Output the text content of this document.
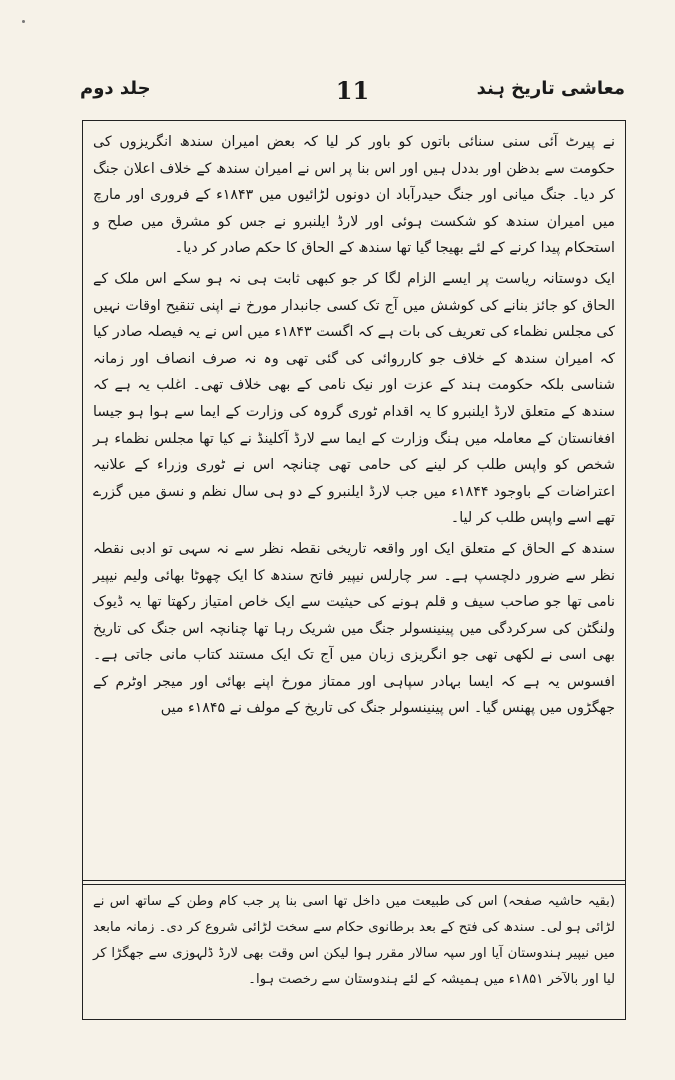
معاشی تاریخ ہند
11
جلد دوم

نے پیرٹ آئی سنی سنائی باتوں کو باور کر لیا کہ بعض امیران سندھ انگریزوں کی حکومت سے بدظن اور بددل ہیں اور اس بنا پر اس نے امیران سندھ کے خلاف اعلان جنگ کر دیا۔ جنگ میانی اور جنگ حیدرآباد ان دونوں لڑائیوں میں ۱۸۴۳ء کے فروری اور مارچ میں امیران سندھ کو شکست ہوئی اور لارڈ ایلنبرو نے جس کو مشرق میں صلح و استحکام پیدا کرنے کے لئے بھیجا گیا تھا سندھ کے الحاق کا حکم صادر کر دیا۔

ایک دوستانہ ریاست پر ایسے الزام لگا کر جو کبھی ثابت ہی نہ ہو سکے اس ملک کے الحاق کو جائز بنانے کی کوشش میں آج تک کسی جانبدار مورخ نے اپنی تنقیح اوقات نہیں کی مجلس نظماء کی تعریف کی بات ہے کہ اگست ۱۸۴۳ء میں اس نے یہ فیصلہ صادر کیا کہ امیران سندھ کے خلاف جو کارروائی کی گئی تھی وہ نہ صرف انصاف اور زمانہ شناسی بلکہ حکومت ہند کے عزت اور نیک نامی کے بھی خلاف تھی۔ اغلب یہ ہے کہ سندھ کے متعلق لارڈ ایلنبرو کا یہ اقدام ٹوری گروہ کی وزارت کے ایما سے ہوا ہو جیسا افغانستان کے معاملہ میں ہنگ وزارت کے ایما سے لارڈ آکلینڈ نے کیا تھا مجلس نظماء ہر شخص کو واپس طلب کر لینے کی حامی تھی چنانچہ اس نے ٹوری وزراء کے علانیہ اعتراضات کے باوجود ۱۸۴۴ء میں جب لارڈ ایلنبرو کے دو ہی سال نظم و نسق میں گزرے تھے اسے واپس طلب کر لیا۔

سندھ کے الحاق کے متعلق ایک اور واقعہ تاریخی نقطہ نظر سے نہ سہی تو ادبی نقطہ نظر سے ضرور دلچسپ ہے۔ سر چارلس نیپیر فاتح سندھ کا ایک چھوٹا بھائی ولیم نیپیر نامی تھا جو صاحب سیف و قلم ہونے کی حیثیت سے ایک خاص امتیاز رکھتا تھا یہ ڈیوک ولنگٹن کی سرکردگی میں پینینسولر جنگ میں شریک رہا تھا چنانچہ اس جنگ کی تاریخ بھی اسی نے لکھی تھی جو انگریزی زبان میں آج تک ایک مستند کتاب مانی جاتی ہے۔ افسوس یہ ہے کہ ایسا بہادر سپاہی اور ممتاز مورخ اپنے بھائی اور میجر اوٹرم کے جھگڑوں میں پھنس گیا۔ اس پینینسولر جنگ کی تاریخ کے مولف نے ۱۸۴۵ء میں

(بقیہ حاشیہ صفحہ) اس کی طبیعت میں داخل تھا اسی بنا پر جب کام وطن کے ساتھ اس نے لڑائی ہو لی۔ سندھ کی فتح کے بعد برطانوی حکام سے سخت لڑائی شروع کر دی۔ زمانہ مابعد میں نیپیر ہندوستان آیا اور سپہ سالار مقرر ہوا لیکن اس وقت بھی لارڈ ڈلہوزی سے جھگڑا کر لیا اور بالآخر ۱۸۵۱ء میں ہمیشہ کے لئے ہندوستان سے رخصت ہوا۔
